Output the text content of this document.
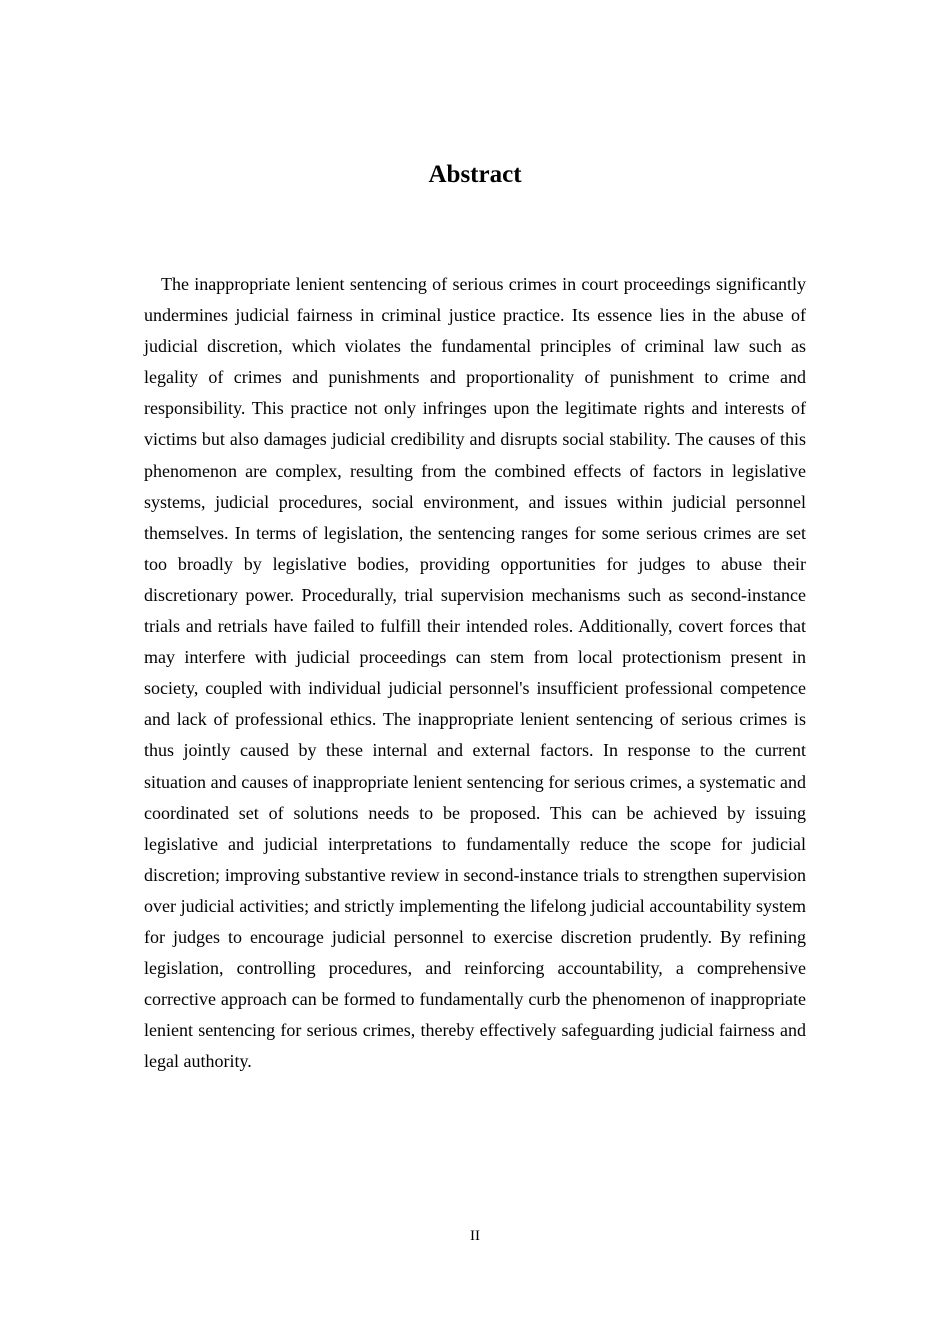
Abstract

The inappropriate lenient sentencing of serious crimes in court proceedings significantly undermines judicial fairness in criminal justice practice. Its essence lies in the abuse of judicial discretion, which violates the fundamental principles of criminal law such as legality of crimes and punishments and proportionality of punishment to crime and responsibility. This practice not only infringes upon the legitimate rights and interests of victims but also damages judicial credibility and disrupts social stability. The causes of this phenomenon are complex, resulting from the combined effects of factors in legislative systems, judicial procedures, social environment, and issues within judicial personnel themselves. In terms of legislation, the sentencing ranges for some serious crimes are set too broadly by legislative bodies, providing opportunities for judges to abuse their discretionary power. Procedurally, trial supervision mechanisms such as second-instance trials and retrials have failed to fulfill their intended roles. Additionally, covert forces that may interfere with judicial proceedings can stem from local protectionism present in society, coupled with individual judicial personnel's insufficient professional competence and lack of professional ethics. The inappropriate lenient sentencing of serious crimes is thus jointly caused by these internal and external factors. In response to the current situation and causes of inappropriate lenient sentencing for serious crimes, a systematic and coordinated set of solutions needs to be proposed. This can be achieved by issuing legislative and judicial interpretations to fundamentally reduce the scope for judicial discretion; improving substantive review in second-instance trials to strengthen supervision over judicial activities; and strictly implementing the lifelong judicial accountability system for judges to encourage judicial personnel to exercise discretion prudently. By refining legislation, controlling procedures, and reinforcing accountability, a comprehensive corrective approach can be formed to fundamentally curb the phenomenon of inappropriate lenient sentencing for serious crimes, thereby effectively safeguarding judicial fairness and legal authority.

II
